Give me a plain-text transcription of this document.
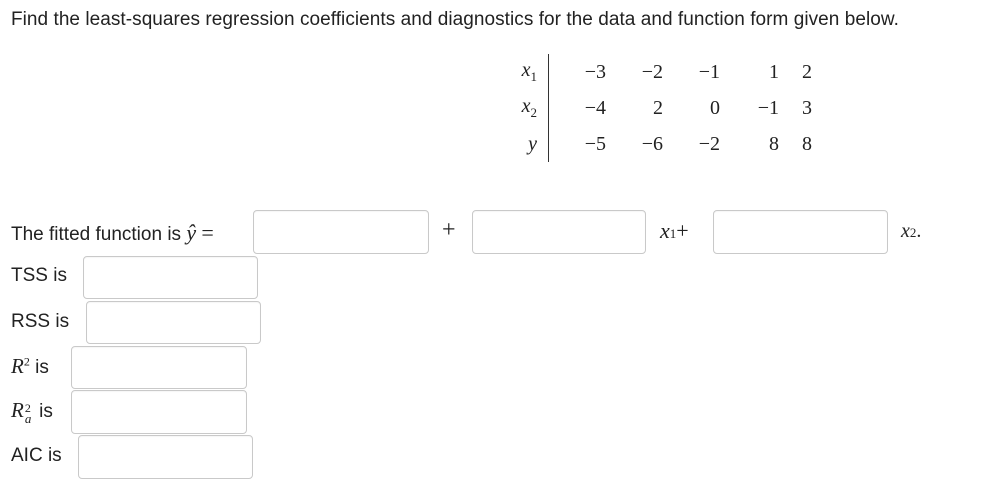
Find the least-squares regression coefficients and diagnostics for the data and function form given below.
$x_1$	−3	−2	−1	1	2
$x_2$	−4	2	0	−1	3
y	−5	−6	−2	8	8
The fitted function is ŷ =	+	x1+	x2.
TSS is
RSS is
$R^2$ is
R 2
a is
AIC is
